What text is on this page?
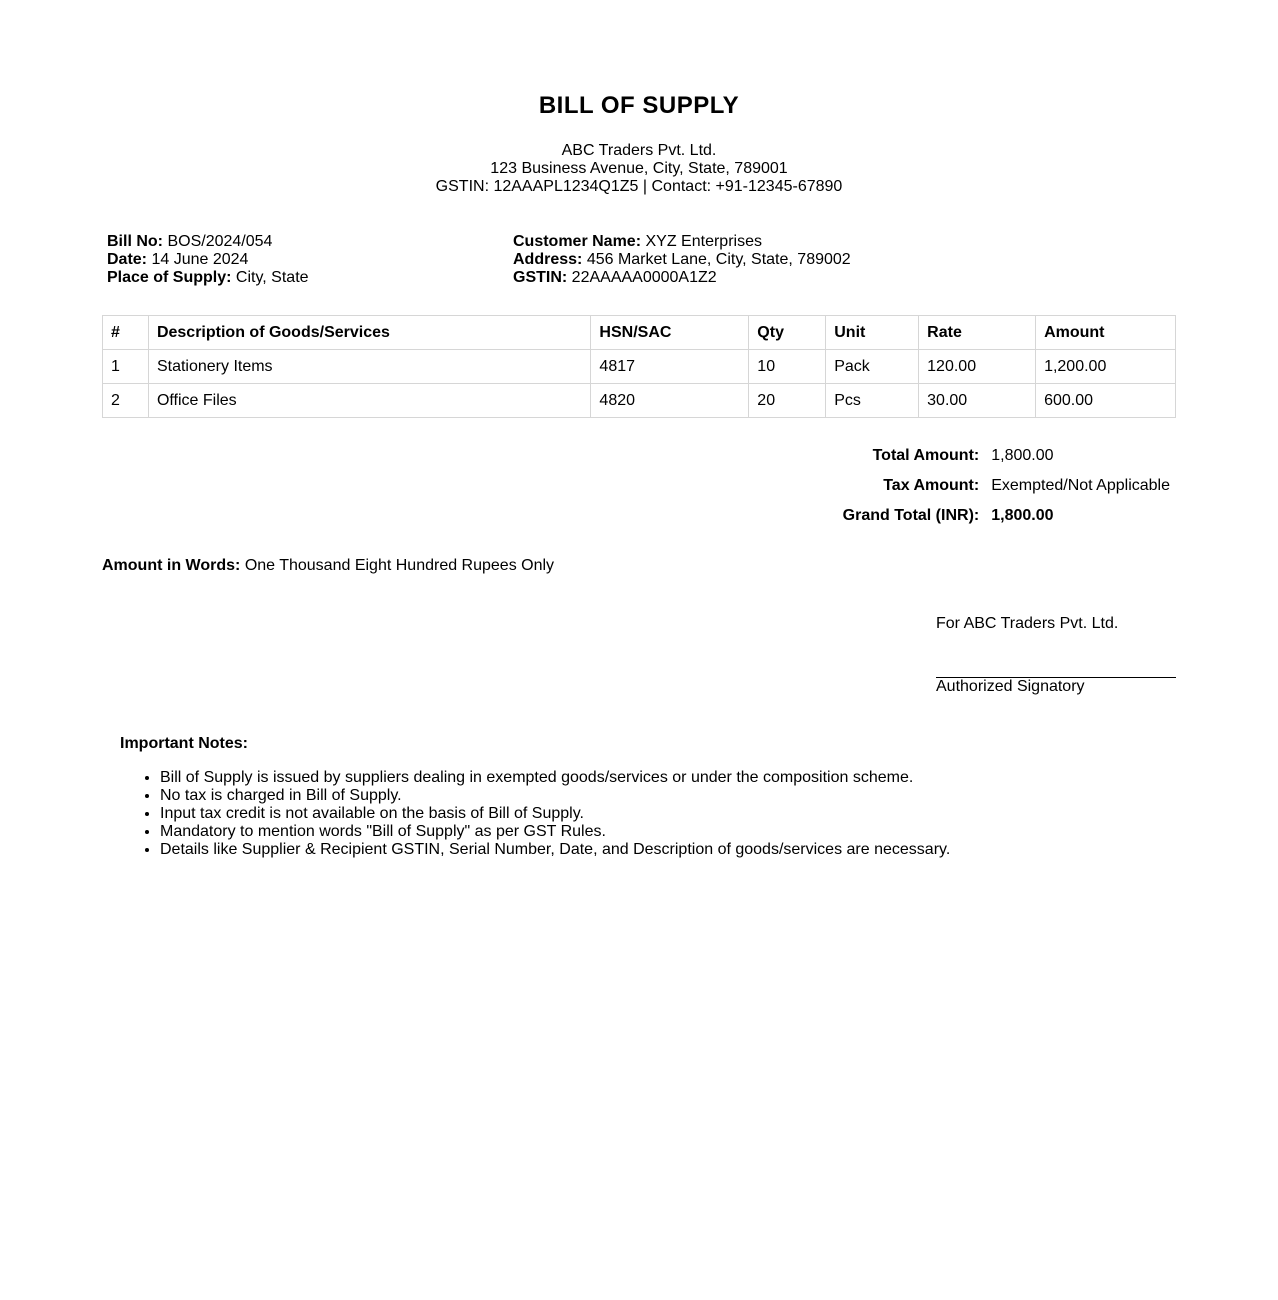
BILL OF SUPPLY
ABC Traders Pvt. Ltd.
123 Business Avenue, City, State, 789001
GSTIN: 12AAAPL1234Q1Z5 | Contact: +91-12345-67890
Bill No: BOS/2024/054
Date: 14 June 2024
Place of Supply: City, State
Customer Name: XYZ Enterprises
Address: 456 Market Lane, City, State, 789002
GSTIN: 22AAAAA0000A1Z2
#	Description of Goods/Services	HSN/SAC	Qty	Unit	Rate	Amount
1	Stationery Items	4817	10	Pack	120.00	1,200.00
2	Office Files	4820	20	Pcs	30.00	600.00
Total Amount:	1,800.00
Tax Amount:	Exempted/Not Applicable
Grand Total (INR):	1,800.00
Amount in Words: One Thousand Eight Hundred Rupees Only
For ABC Traders Pvt. Ltd.
Authorized Signatory
Important Notes:
• Bill of Supply is issued by suppliers dealing in exempted goods/services or under the composition scheme.
• No tax is charged in Bill of Supply.
• Input tax credit is not available on the basis of Bill of Supply.
• Mandatory to mention words "Bill of Supply" as per GST Rules.
• Details like Supplier & Recipient GSTIN, Serial Number, Date, and Description of goods/services are necessary.
